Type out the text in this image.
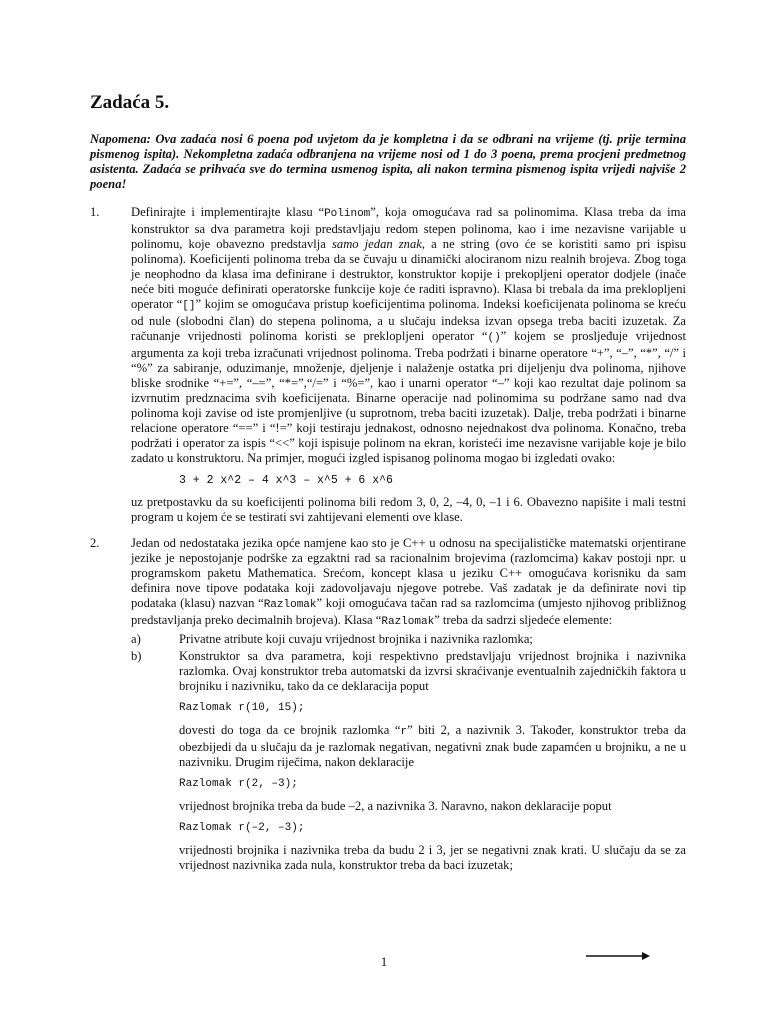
Zadaća 5.

Napomena: Ova zadaća nosi 6 poena pod uvjetom da je kompletna i da se odbrani na vrijeme (tj. prije termina pismenog ispita). Nekompletna zadaća odbranjena na vrijeme nosi od 1 do 3 poena, prema procjeni predmetnog asistenta. Zadaća se prihvaća sve do termina usmenog ispita, ali nakon termina pismenog ispita vrijedi najviše 2 poena!

1.	Definirajte i implementirajte klasu “Polinom”, koja omogućava rad sa polinomima. Klasa treba da ima konstruktor sa dva parametra koji predstavljaju redom stepen polinoma, kao i ime nezavisne varijable u polinomu, koje obavezno predstavlja samo jedan znak, a ne string (ovo će se koristiti samo pri ispisu polinoma). Koeficijenti polinoma treba da se čuvaju u dinamički alociranom nizu realnih brojeva. Zbog toga je neophodno da klasa ima definirane i destruktor, konstruktor kopije i prekopljeni operator dodjele (inače neće biti moguće definirati operatorske funkcije koje će raditi ispravno). Klasa bi trebala da ima preklopljeni operator “[]” kojim se omogućava pristup koeficijentima polinoma. Indeksi koeficijenata polinoma se kreću od nule (slobodni član) do stepena polinoma, a u slučaju indeksa izvan opsega treba baciti izuzetak. Za računanje vrijednosti polinoma koristi se preklopljeni operator “()” kojem se prosljeđuje vrijednost argumenta za koji treba izračunati vrijednost polinoma. Treba podržati i binarne operatore “+”, “–”, “*”, “/” i “%” za sabiranje, oduzimanje, množenje, djeljenje i nalaženje ostatka pri dijeljenju dva polinoma, njihove bliske srodnike “+=”, “–=”, “*=”,“/=” i “%=”, kao i unarni operator “–” koji kao rezultat daje polinom sa izvrnutim predznacima svih koeficijenata. Binarne operacije nad polinomima su podržane samo nad dva polinoma koji zavise od iste promjenljive (u suprotnom, treba baciti izuzetak). Dalje, treba podržati i binarne relacione operatore “==” i “!=” koji testiraju jednakost, odnosno nejednakost dva polinoma. Konačno, treba podržati i operator za ispis “<<” koji ispisuje polinom na ekran, koristeći ime nezavisne varijable koje je bilo zadato u konstruktoru. Na primjer, mogući izgled ispisanog polinoma mogao bi izgledati ovako:
3 + 2 x^2 – 4 x^3 – x^5 + 6 x^6
uz pretpostavku da su koeficijenti polinoma bili redom 3, 0, 2, –4, 0, –1 i 6. Obavezno napišite i mali testni program u kojem će se testirati svi zahtijevani elementi ove klase.
2.	Jedan od nedostataka jezika opće namjene kao sto je C++ u odnosu na specijalističke matematski orjentirane jezike je nepostojanje podrške za egzaktni rad sa racionalnim brojevima (razlomcima) kakav postoji npr. u programskom paketu Mathematica. Srećom, koncept klasa u jeziku C++ omogućava korisniku da sam definira nove tipove podataka koji zadovoljavaju njegove potrebe. Vaš zadatak je da definirate novi tip podataka (klasu) nazvan “Razlomak” koji omogućava tačan rad sa razlomcima (umjesto njihovog približnog predstavljanja preko decimalnih brojeva). Klasa “Razlomak” treba da sadrzi sljedeće elemente:
a)	Privatne atribute koji cuvaju vrijednost brojnika i nazivnika razlomka;
b)	Konstruktor sa dva parametra, koji respektivno predstavljaju vrijednost brojnika i nazivnika razlomka. Ovaj konstruktor treba automatski da izvrsi skraćivanje eventualnih zajedničkih faktora u brojniku i nazivniku, tako da ce deklaracija poput
Razlomak r(10, 15);
dovesti do toga da ce brojnik razlomka “r” biti 2, a nazivnik 3. Također, konstruktor treba da obezbijedi da u slučaju da je razlomak negativan, negativni znak bude zapamćen u brojniku, a ne u nazivniku. Drugim riječima, nakon deklaracije
Razlomak r(2, –3);
vrijednost brojnika treba da bude –2, a nazivnika 3. Naravno, nakon deklaracije poput
Razlomak r(–2, –3);
vrijednosti brojnika i nazivnika treba da budu 2 i 3, jer se negativni znak krati. U slučaju da se za vrijednost nazivnika zada nula, konstruktor treba da baci izuzetak;
1
